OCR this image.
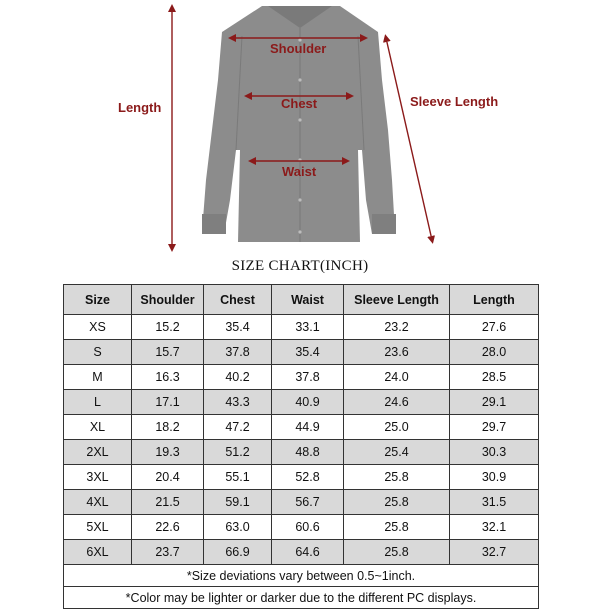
Shoulder
Chest
Waist
Length	Sleeve Length
SIZE CHART(INCH)
Size	Shoulder	Chest	Waist	Sleeve Length	Length
XS	15.2	35.4	33.1	23.2	27.6
S	15.7	37.8	35.4	23.6	28.0
M	16.3	40.2	37.8	24.0	28.5
L	17.1	43.3	40.9	24.6	29.1
XL	18.2	47.2	44.9	25.0	29.7
2XL	19.3	51.2	48.8	25.4	30.3
3XL	20.4	55.1	52.8	25.8	30.9
4XL	21.5	59.1	56.7	25.8	31.5
5XL	22.6	63.0	60.6	25.8	32.1
6XL	23.7	66.9	64.6	25.8	32.7
*Size deviations vary between 0.5~1inch.					
*Color may be lighter or darker due to the different PC displays.					
